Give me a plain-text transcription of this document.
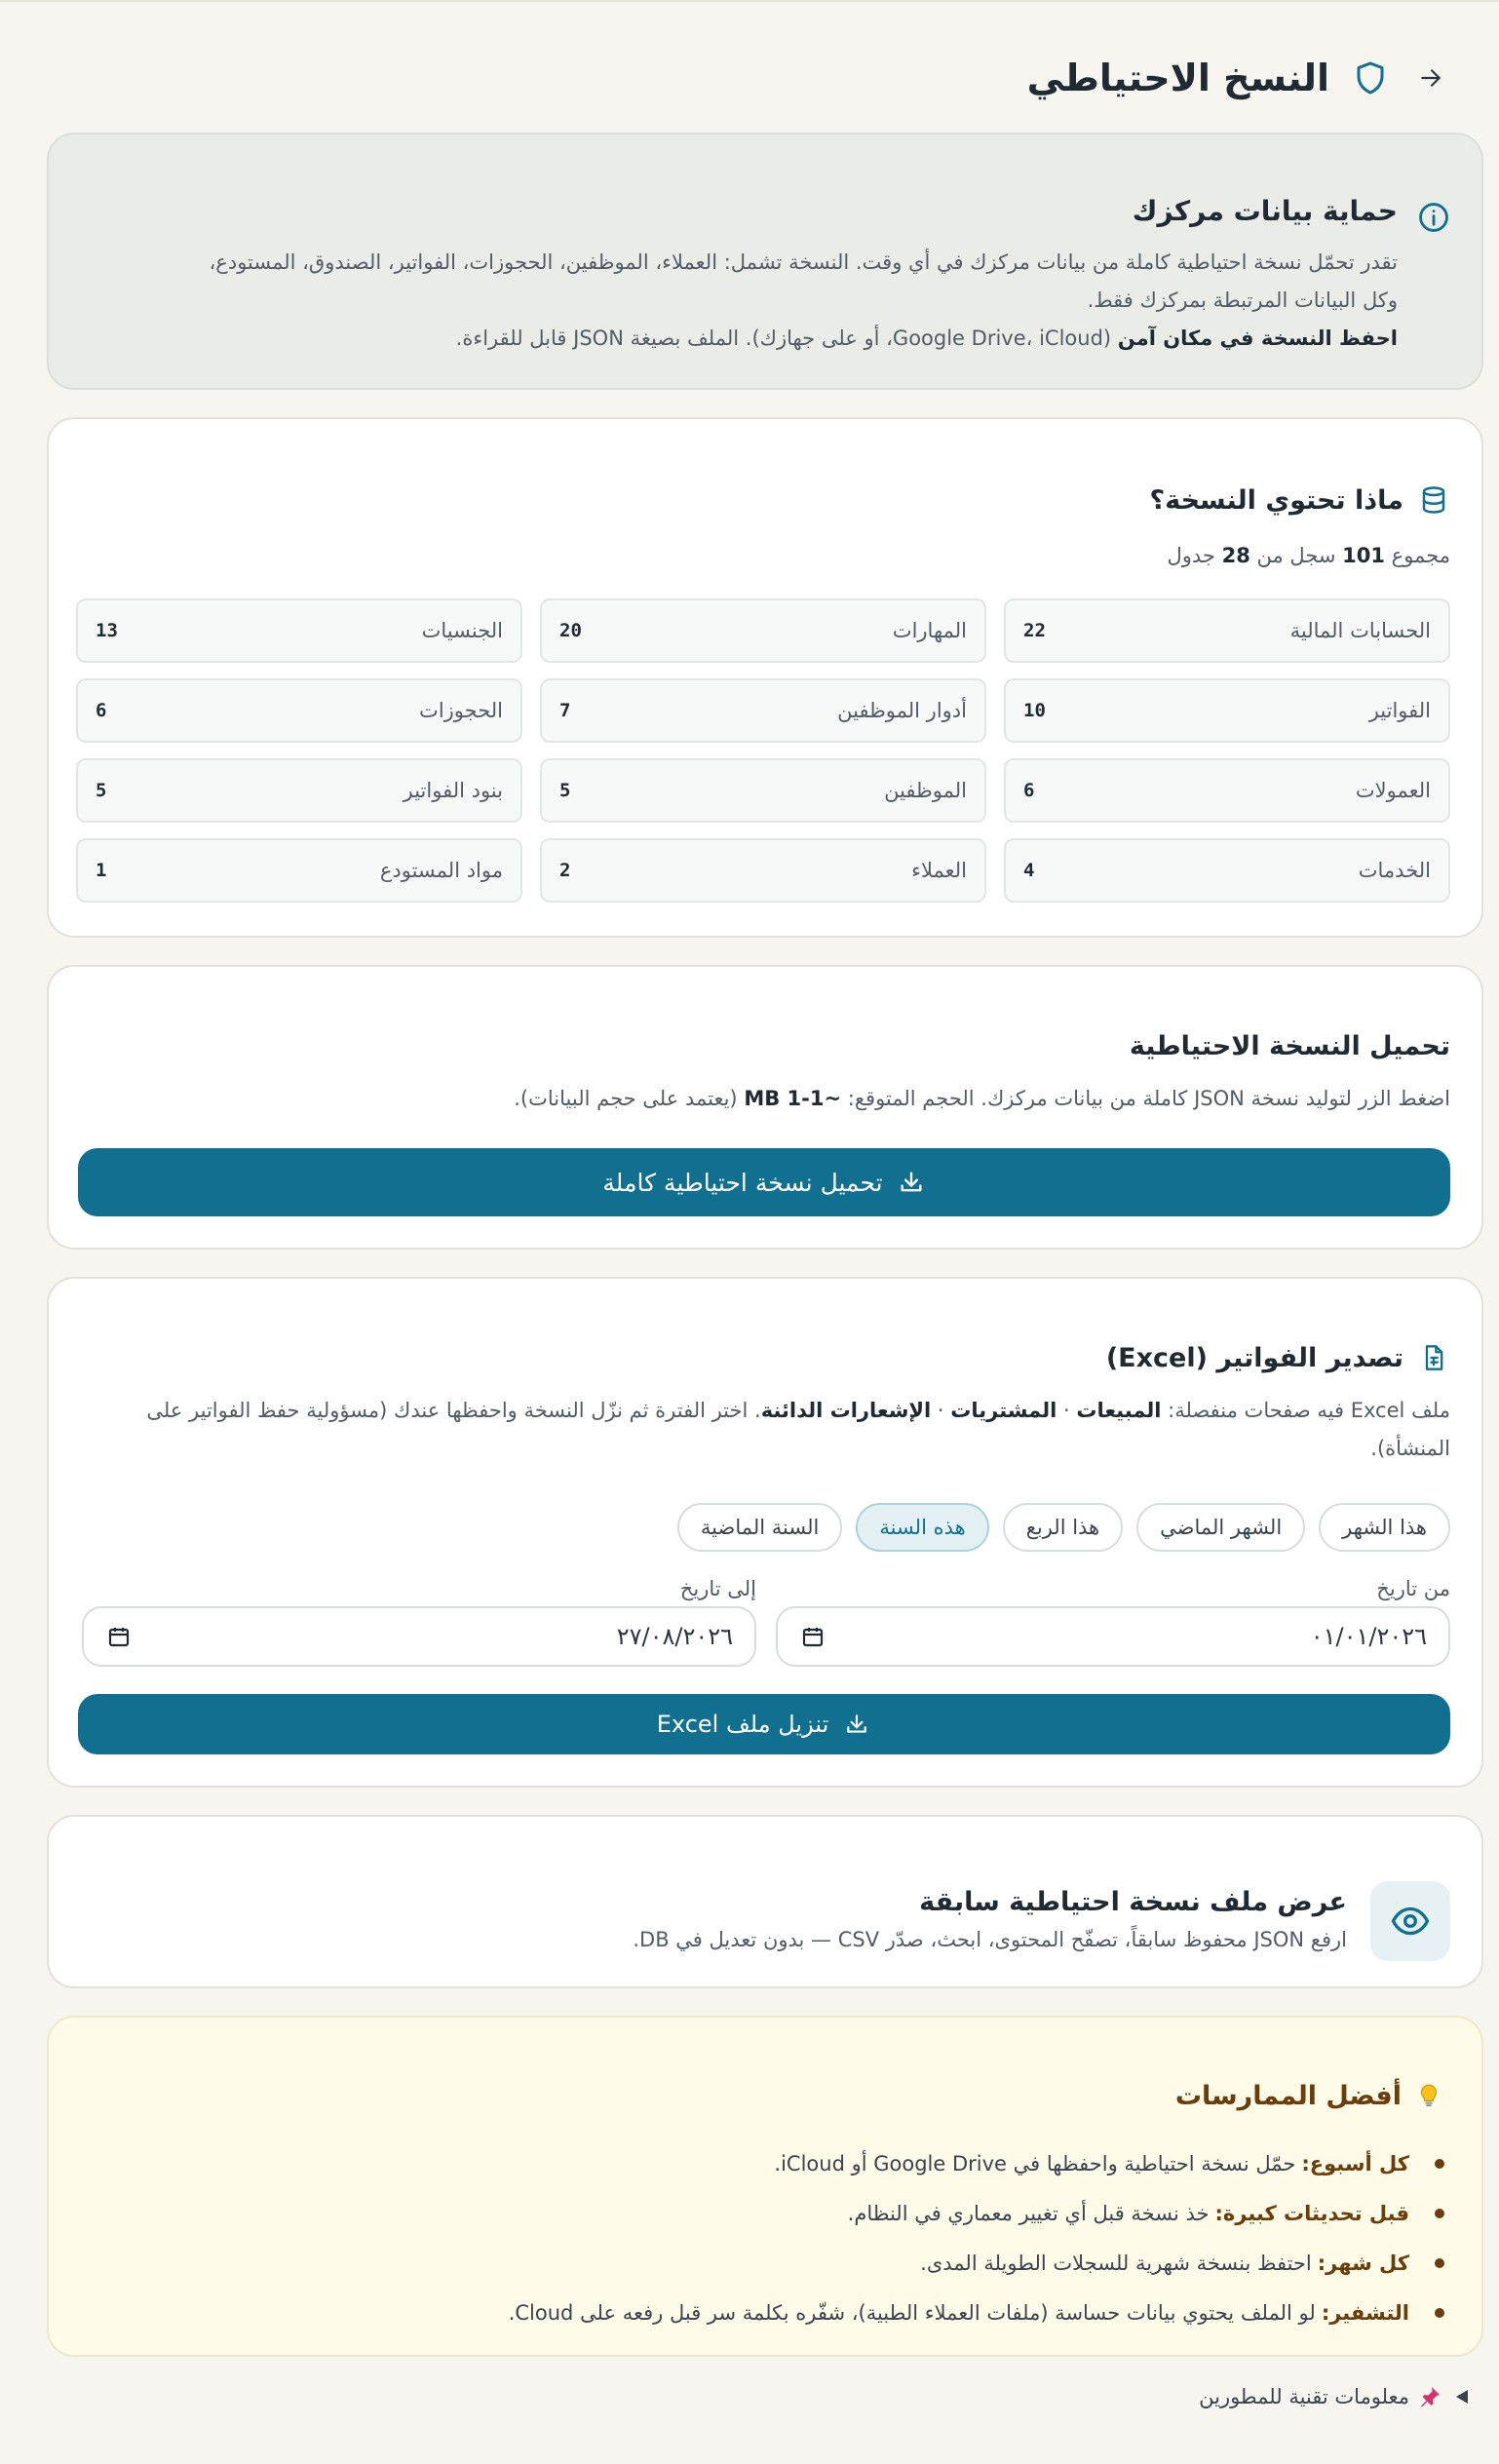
النسخ الاحتياطي
حماية بيانات مركزك
تقدر تحمّل نسخة احتياطية كاملة من بيانات مركزك في أي وقت. النسخة تشمل: العملاء، الموظفين، الحجوزات، الفواتير، الصندوق، المستودع،
وكل البيانات المرتبطة بمركزك فقط.
احفظ النسخة في مكان آمن (Google Drive، iCloud، أو على جهازك). الملف بصيغة JSON قابل للقراءة.
ماذا تحتوي النسخة؟
مجموع 101 سجل من 28 جدول
الحسابات المالية
22
المهارات
20
الجنسيات
13
الفواتير
10
أدوار الموظفين
7
الحجوزات
6
العمولات
6
الموظفين
5
بنود الفواتير
5
الخدمات
4
العملاء
2
مواد المستودع
1
تحميل النسخة الاحتياطية
اضغط الزر لتوليد نسخة JSON كاملة من بيانات مركزك. الحجم المتوقع: ~1-1 MB (يعتمد على حجم البيانات).
تحميل نسخة احتياطية كاملة
تصدير الفواتير (Excel)
ملف Excel فيه صفحات منفصلة: المبيعات · المشتريات · الإشعارات الدائنة. اختر الفترة ثم نزّل النسخة واحفظها عندك (مسؤولية حفظ الفواتير على المنشأة).
هذا الشهر
الشهر الماضي
هذا الربع
هذه السنة
السنة الماضية
من تاريخ
إلى تاريخ
٠١/٠١/٢٠٢٦
٢٧/٠٨/٢٠٢٦
تنزيل ملف Excel
عرض ملف نسخة احتياطية سابقة
ارفع JSON محفوظ سابقاً، تصفّح المحتوى، ابحث، صدّر CSV — بدون تعديل في DB.
أفضل الممارسات
كل أسبوع:
حمّل نسخة احتياطية واحفظها في Google Drive أو iCloud.
قبل تحديثات كبيرة:
خذ نسخة قبل أي تغيير معماري في النظام.
كل شهر:
احتفظ بنسخة شهرية للسجلات الطويلة المدى.
التشفير:
لو الملف يحتوي بيانات حساسة (ملفات العملاء الطبية)، شفّره بكلمة سر قبل رفعه على Cloud.
معلومات تقنية للمطورين
